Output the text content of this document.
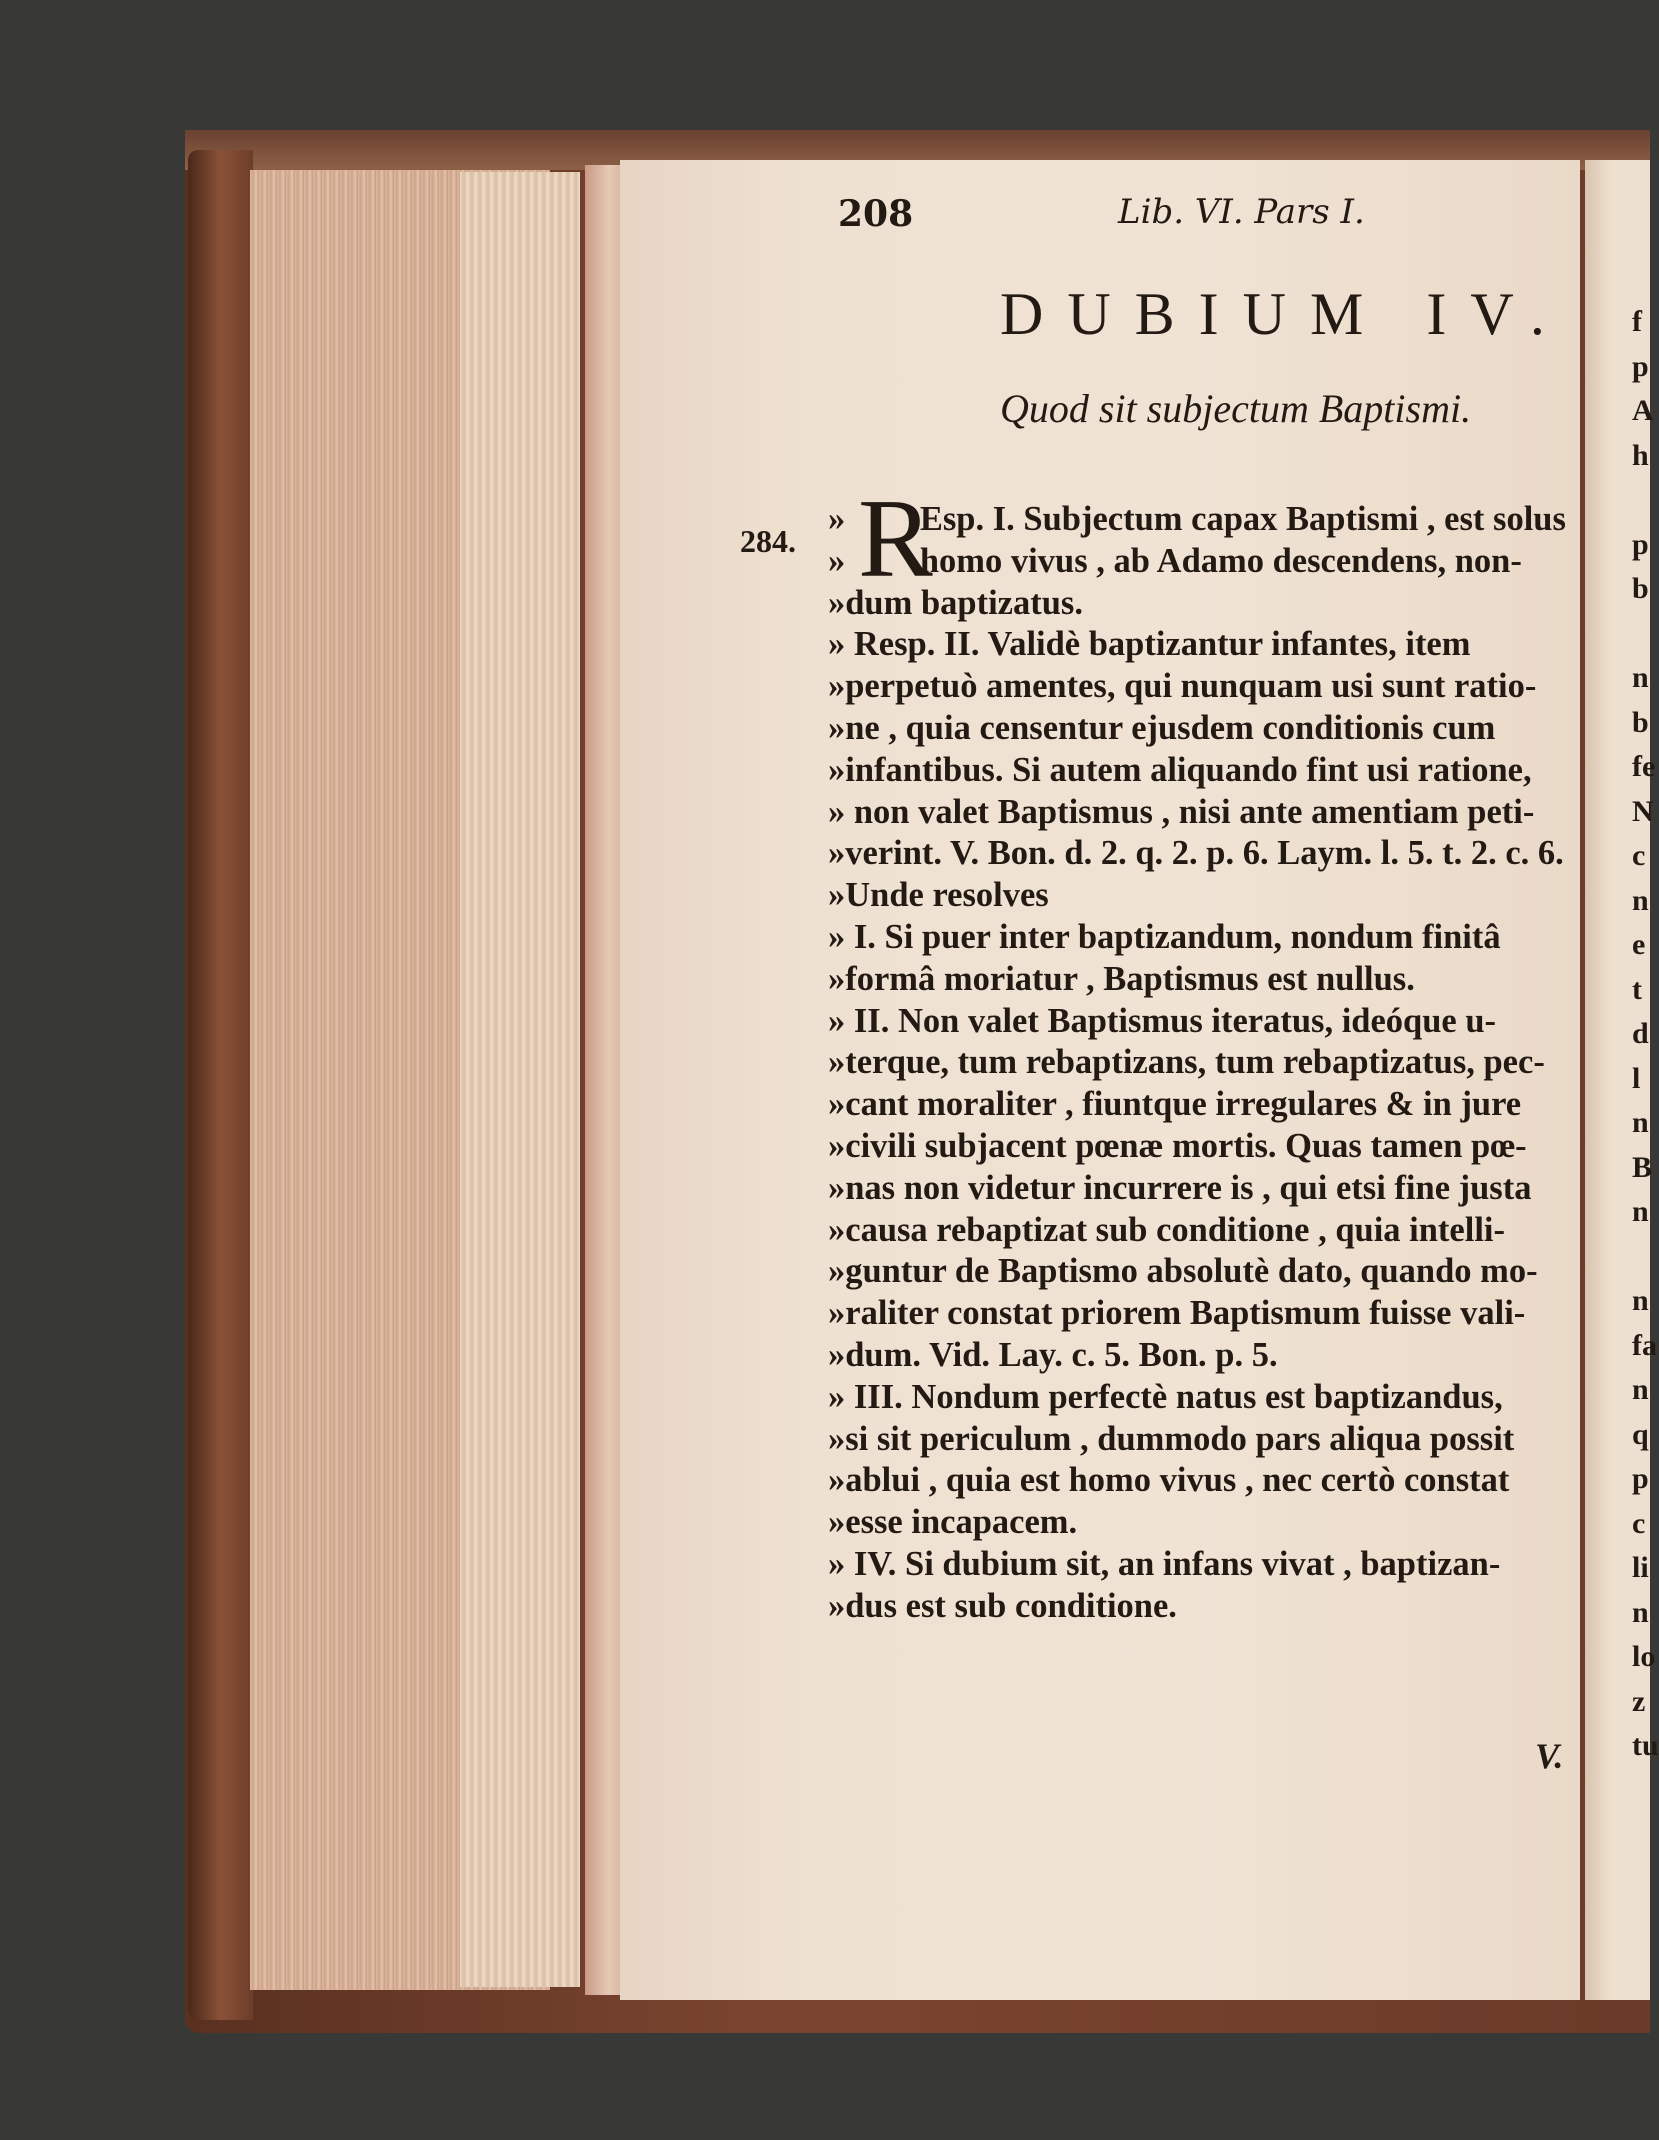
208	Lib. VI. Pars I.
DUBIUM IV.
Quod sit subjectum Baptismi.
284. R
» Esp. I. Subjectum capax Baptismi , est solus
» homo vivus , ab Adamo descendens, non-
»dum baptizatus.
» Resp. II. Validè baptizantur infantes, item
»perpetuò amentes, qui nunquam usi sunt ratio-
»ne , quia censentur ejusdem conditionis cum
»infantibus. Si autem aliquando fint usi ratione,
» non valet Baptismus , nisi ante amentiam peti-
»verint. V. Bon. d. 2. q. 2. p. 6. Laym. l. 5. t. 2. c. 6.
»Unde resolves
» I. Si puer inter baptizandum, nondum finitâ
»formâ moriatur , Baptismus est nullus.
» II. Non valet Baptismus iteratus, ideóque u-
»terque, tum rebaptizans, tum rebaptizatus, pec-
»cant moraliter , fiuntque irregulares & in jure
»civili subjacent pœnæ mortis. Quas tamen pœ-
»nas non videtur incurrere is , qui etsi fine justa
»causa rebaptizat sub conditione , quia intelli-
»guntur de Baptismo absolutè dato, quando mo-
»raliter constat priorem Baptismum fuisse vali-
»dum. Vid. Lay. c. 5. Bon. p. 5.
» III. Nondum perfectè natus est baptizandus,
»si sit periculum , dummodo pars aliqua possit
»ablui , quia est homo vivus , nec certò constat
»esse incapacem.
» IV. Si dubium sit, an infans vivat , baptizan-
»dus est sub conditione.
V.
f
p
A
h
p
b
n
b
fe
N
c
n
e
t
d
l
n
B
n
n
fa
n
q
p
c
li
n
lo
z
tu
